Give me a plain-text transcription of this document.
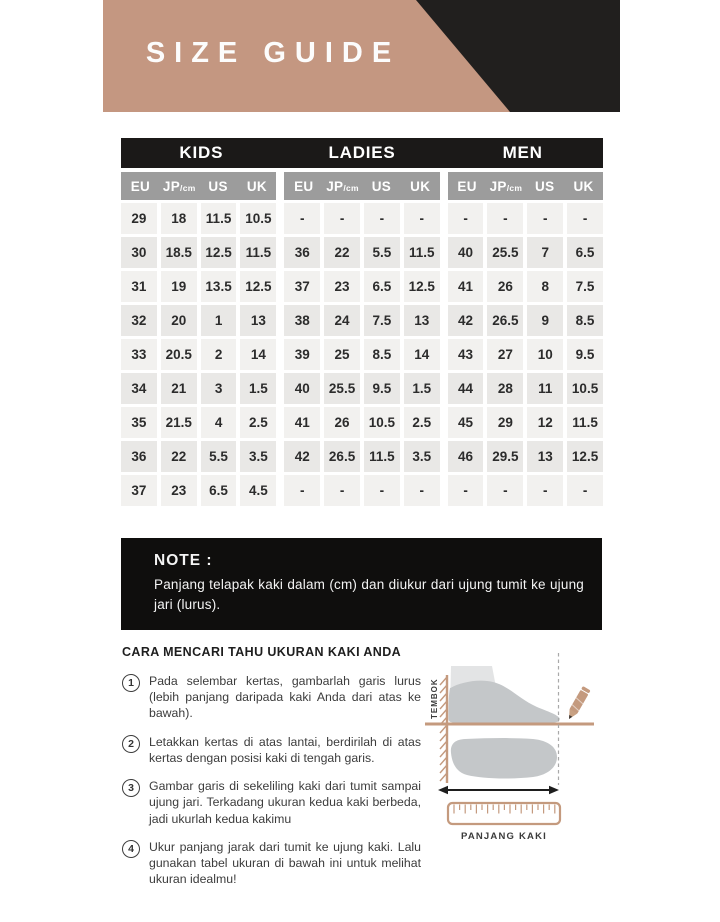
SIZE GUIDE
KIDS	LADIES	MEN
EU JP /cm US UK
29	18	11.5	10.5
30	18.5	12.5	11.5
31	19	13.5	12.5
32	20	1	13
33	20.5	2	14
34	21	3	1.5
35	21.5	4	2.5
36	22	5.5	3.5
37	23	6.5	4.5
EU JP /cm US UK
-	-	-	-
36	22	5.5	11.5
37	23	6.5	12.5
38	24	7.5	13
39	25	8.5	14
40	25.5	9.5	1.5
41	26	10.5	2.5
42	26.5	11.5	3.5
-	-	-	-
EU JP /cm US UK
-	-	-	-
40	25.5	7	6.5
41	26	8	7.5
42	26.5	9	8.5
43	27	10	9.5
44	28	11	10.5
45	29	12	11.5
46	29.5	13	12.5
-	-	-	-
NOTE :
Panjang telapak kaki dalam (cm) dan diukur dari ujung tumit ke ujung jari (lurus).
CARA MENCARI TAHU UKURAN KAKI ANDA
1	Pada selembar kertas, gambarlah garis lurus (lebih panjang daripada kaki Anda dari atas ke bawah).
2	Letakkan kertas di atas lantai, berdirilah di atas kertas dengan posisi kaki di tengah garis.
3	Gambar garis di sekeliling kaki dari tumit sampai ujung jari. Terkadang ukuran kedua kaki berbeda, jadi ukurlah kedua kakimu
4	Ukur panjang jarak dari tumit ke ujung kaki. Lalu gunakan tabel ukuran di bawah ini untuk melihat ukuran idealmu!
TEMBOK
PANJANG KAKI
